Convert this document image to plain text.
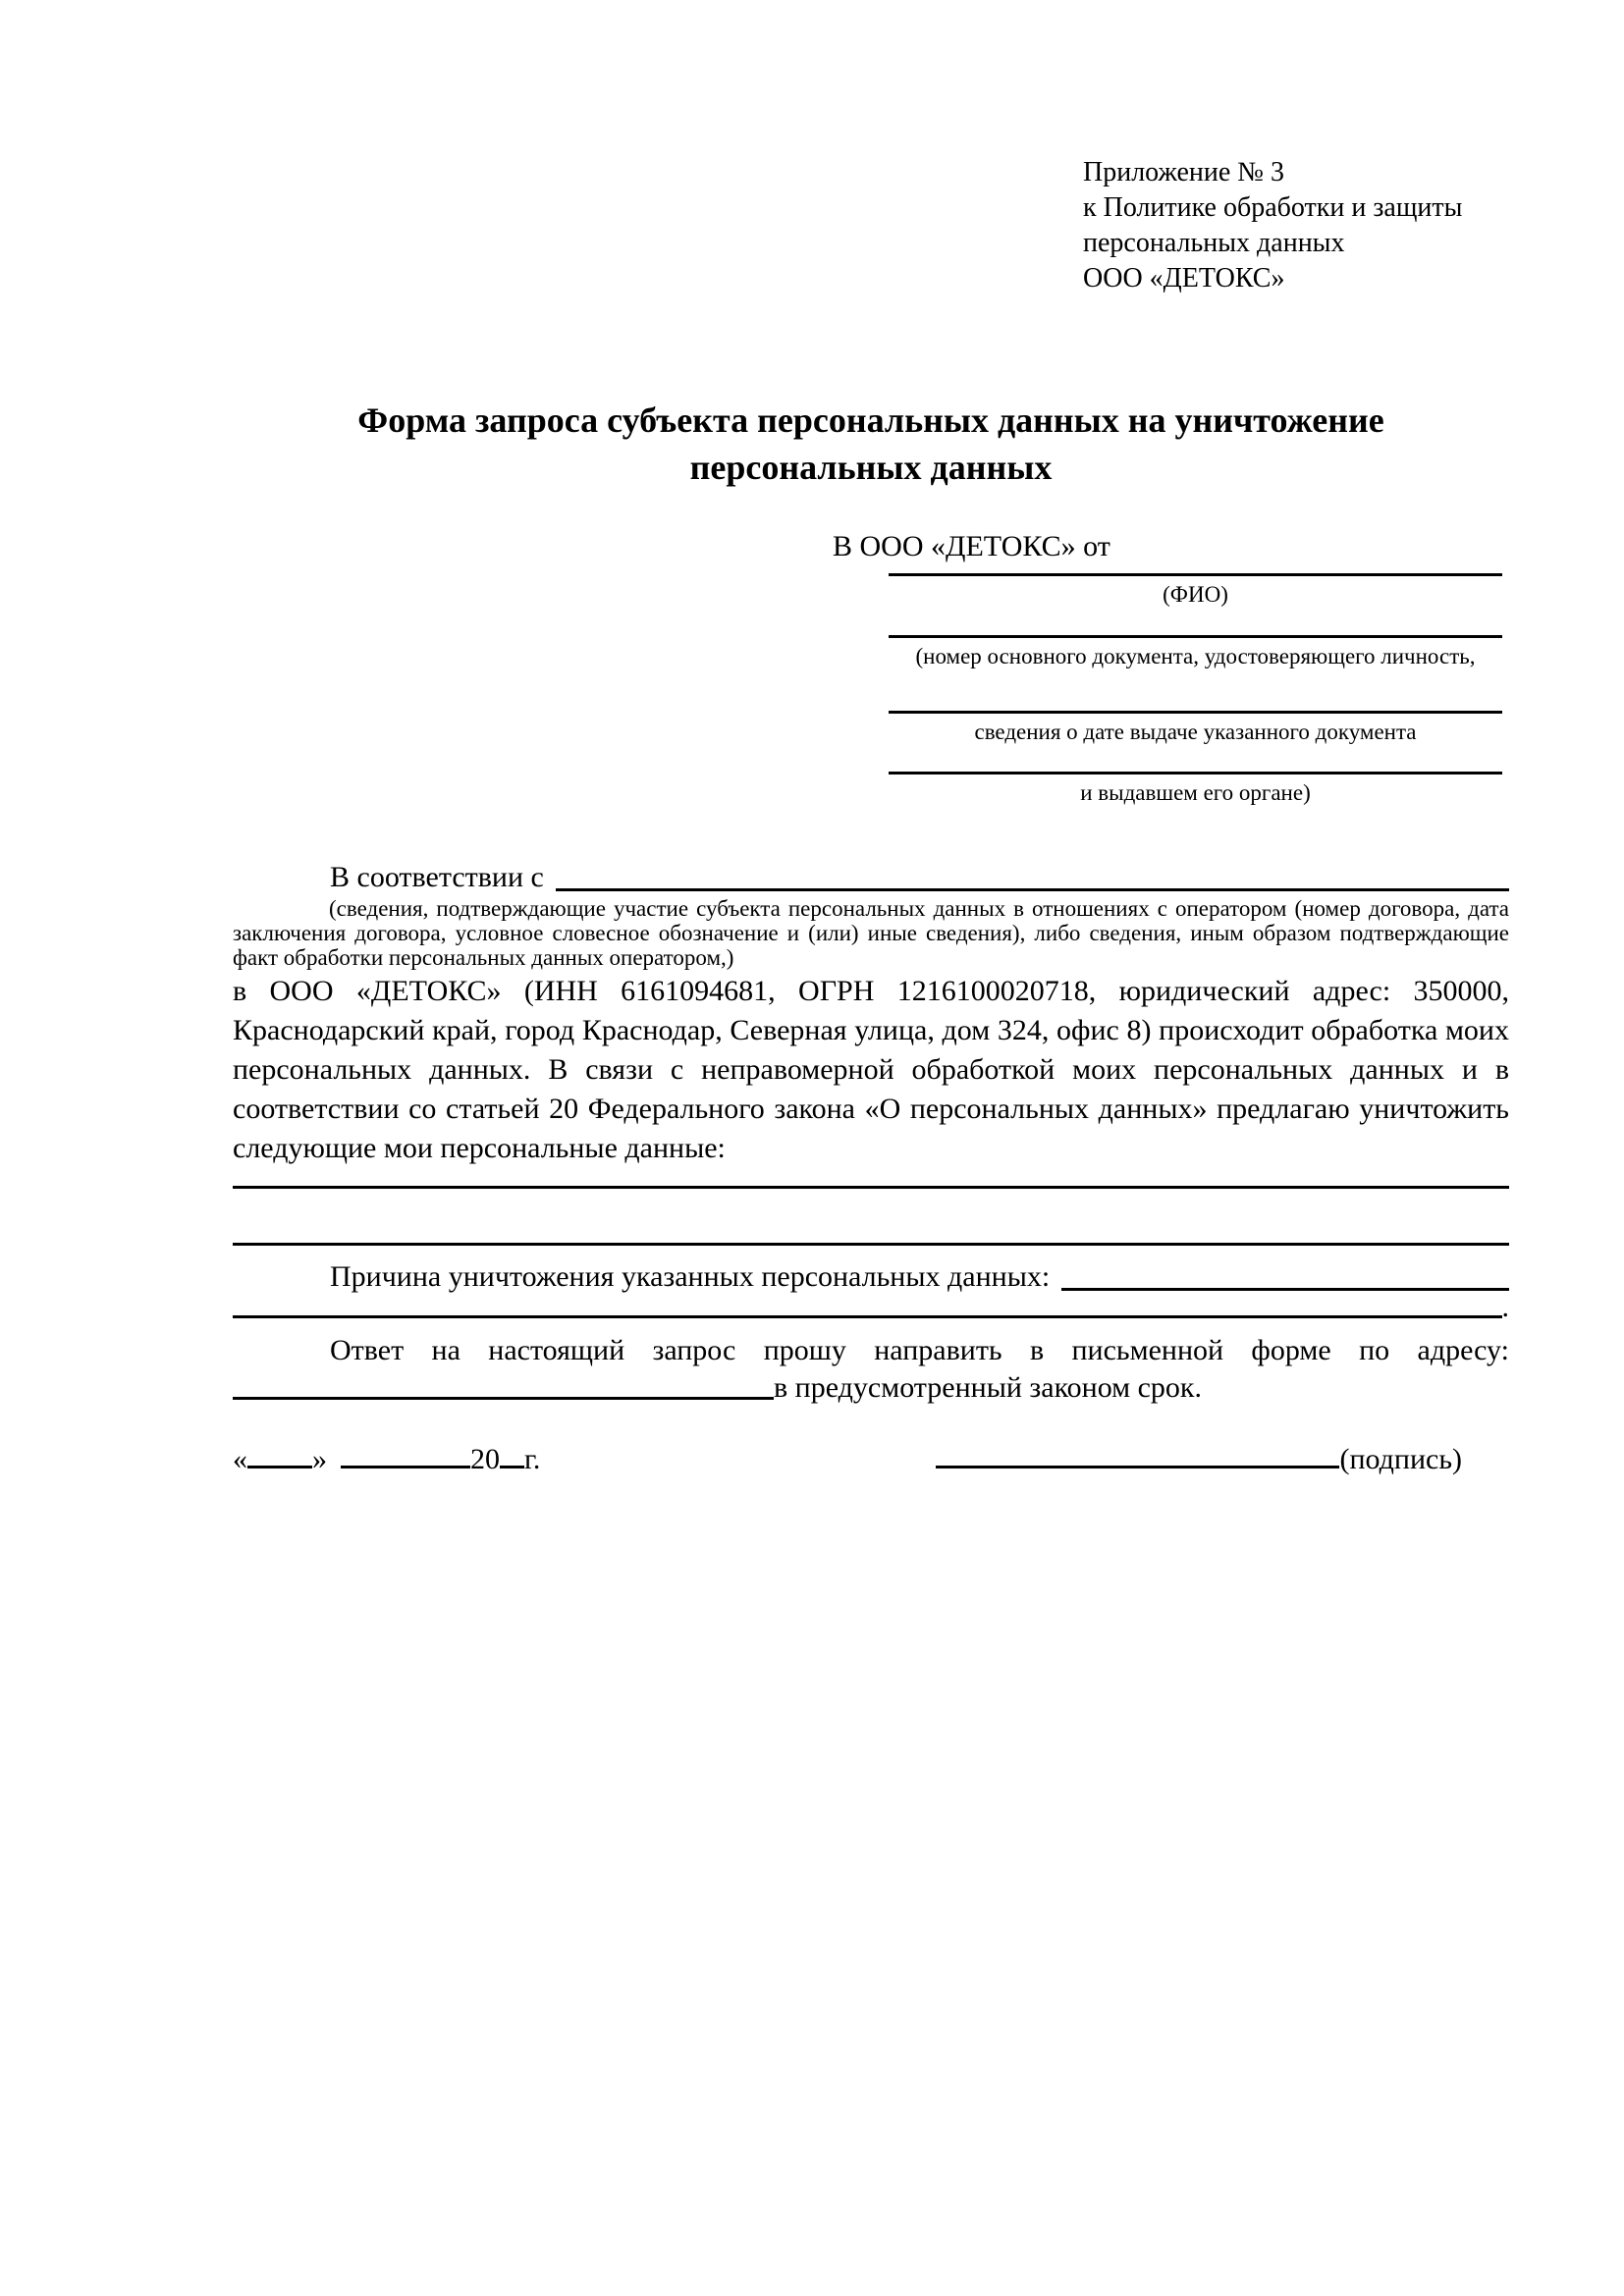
Приложение № 3
к Политике обработки и защиты
персональных данных
ООО «ДЕТОКС»
Форма запроса субъекта персональных данных на уничтожение
персональных данных
В ООО «ДЕТОКС» от
(ФИО)
(номер основного документа, удостоверяющего личность,
сведения о дате выдаче указанного документа
и выдавшем его органе)
В соответствии с
(сведения, подтверждающие участие субъекта персональных данных в отношениях с оператором (номер договора, дата заключения договора, условное словесное обозначение и (или) иные сведения), либо сведения, иным образом подтверждающие факт обработки персональных данных оператором,)
в ООО «ДЕТОКС» (ИНН 6161094681, ОГРН 1216100020718, юридический адрес: 350000, Краснодарский край, город Краснодар, Северная улица, дом 324, офис 8) происходит обработка моих персональных данных. В связи с неправомерной обработкой моих персональных данных и в соответствии со статьей 20 Федерального закона «О персональных данных» предлагаю уничтожить следующие мои персональные данные:
Причина уничтожения указанных персональных данных:
.
Ответ на настоящий запрос прошу направить в письменной форме по адресу:
в предусмотренный законом срок.
« »	20 г.	(подпись)
